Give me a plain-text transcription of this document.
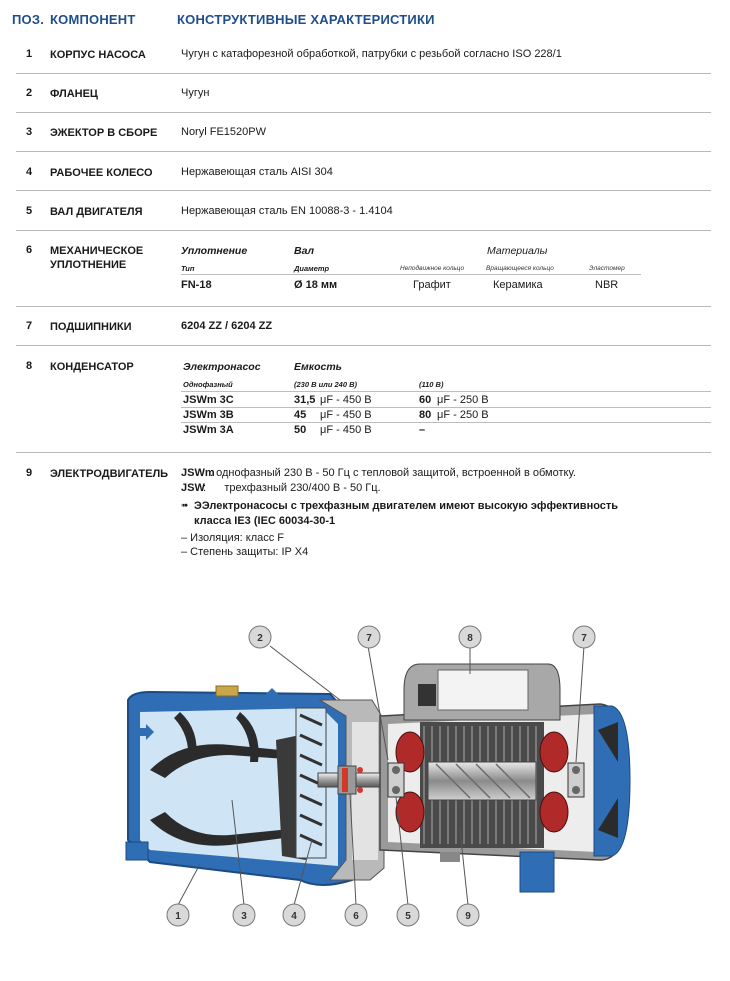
ПОЗ. КОМПОНЕНТ	КОНСТРУКТИВНЫЕ ХАРАКТЕРИСТИКИ
1 КОРПУС НАСОСА	Чугун с катафорезной обработкой, патрубки с резьбой согласно ISO 228/1
2 ФЛАНЕЦ	Чугун
3 ЭЖЕКТОР В СБОРЕ	Noryl FE1520PW
4 РАБОЧЕЕ КОЛЕСО	Нержавеющая сталь AISI 304
5 ВАЛ ДВИГАТЕЛЯ	Нержавеющая сталь EN 10088-3 - 1.4104
6 МЕХАНИЧЕСКОЕ
УПЛОТНЕНИЕ
Уплотнение	Вал	Материалы
Тип	Диаметр	Неподвижное кольцо	Вращающееся кольцо	Эластомер
FN-18	Ø 18 мм	Графит	Керамика	NBR
7 ПОДШИПНИКИ	6204 ZZ / 6204 ZZ
8 КОНДЕНСАТОР	Электронасос	Емкость
Однофазный	(230 В или 240 В)	(110 В)
JSWm 3C	31,5 μF - 450 В	60 μF - 250 В
JSWm 3B	45 μF - 450 В	80 μF - 250 В
JSWm 3A	50 μF - 450 В	–
9 ЭЛЕКТРОДВИГАТЕЛЬ	JSWm
: однофазный 230 В - 50 Гц с тепловой защитой, встроенной в обмотку.
JSW
:      трехфазный 230/400 В - 50 Гц.
➠ ЭЭлектронасосы с трехфазным двигателем имеют высокую эффективность
класса IE3 (IEC 60034-30-1
– Изоляция: класс F
– Степень защиты: IP X4
2	7	8	7
1	3	4	6	5	9
